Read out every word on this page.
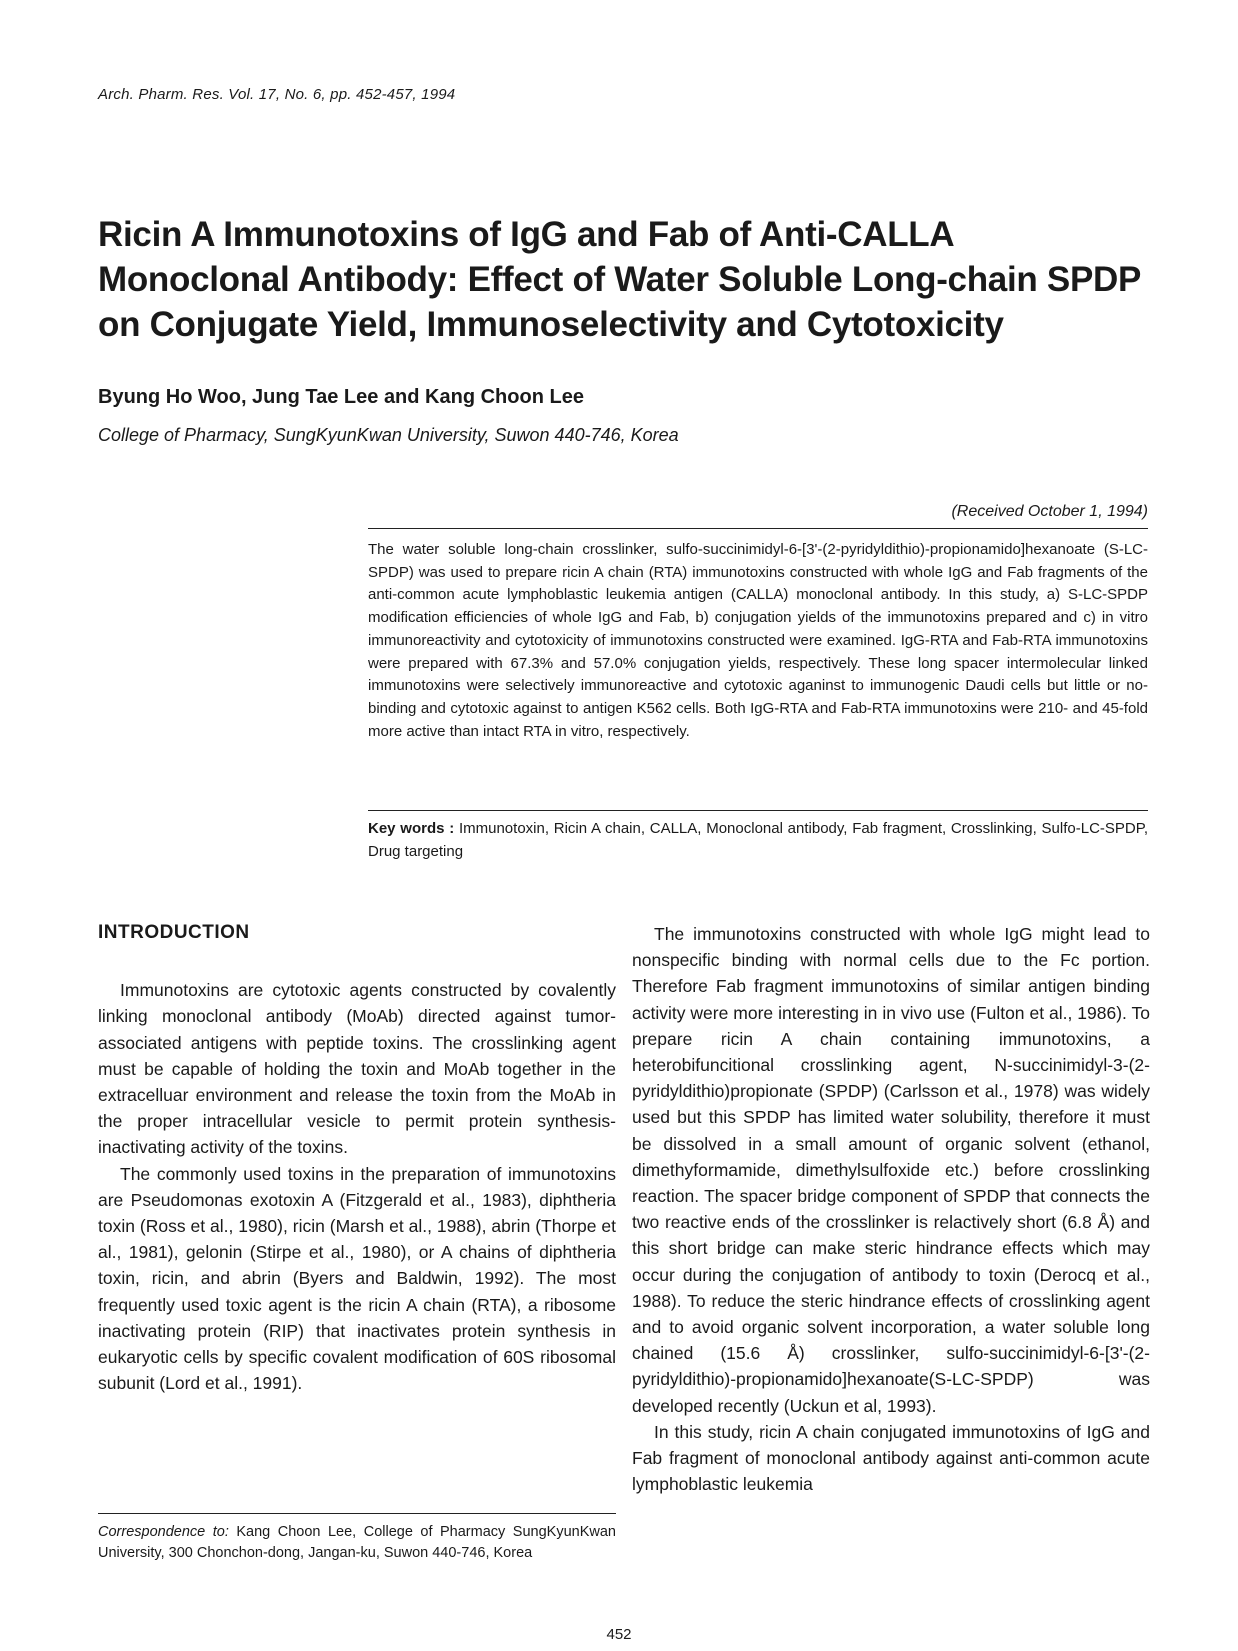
Arch. Pharm. Res. Vol. 17, No. 6, pp. 452-457, 1994
Ricin A Immunotoxins of IgG and Fab of Anti-CALLA Monoclonal Antibody: Effect of Water Soluble Long-chain SPDP on Conjugate Yield, Immunoselectivity and Cytotoxicity
Byung Ho Woo, Jung Tae Lee and Kang Choon Lee
College of Pharmacy, SungKyunKwan University, Suwon 440-746, Korea
(Received October 1, 1994)

The water soluble long-chain crosslinker, sulfo-succinimidyl-6-[3'-(2-pyridyldithio)-propionamido]hexanoate (S-LC-SPDP) was used to prepare ricin A chain (RTA) immunotoxins constructed with whole IgG and Fab fragments of the anti-common acute lymphoblastic leukemia antigen (CALLA) monoclonal antibody. In this study, a) S-LC-SPDP modification efficiencies of whole IgG and Fab, b) conjugation yields of the immunotoxins prepared and c) in vitro immunoreactivity and cytotoxicity of immunotoxins constructed were examined. IgG-RTA and Fab-RTA immunotoxins were prepared with 67.3% and 57.0% conjugation yields, respectively. These long spacer intermolecular linked immunotoxins were selectively immunoreactive and cytotoxic aganinst to immunogenic Daudi cells but little or no-binding and cytotoxic against to antigen K562 cells. Both IgG-RTA and Fab-RTA immunotoxins were 210- and 45-fold more active than intact RTA in vitro, respectively.

Key words : Immunotoxin, Ricin A chain, CALLA, Monoclonal antibody, Fab fragment, Crosslinking, Sulfo-LC-SPDP, Drug targeting

INTRODUCTION

Immunotoxins are cytotoxic agents constructed by covalently linking monoclonal antibody (MoAb) directed against tumor-associated antigens with peptide toxins. The crosslinking agent must be capable of holding the toxin and MoAb together in the extracelluar environment and release the toxin from the MoAb in the proper intracellular vesicle to permit protein synthesis-inactivating activity of the toxins.

The commonly used toxins in the preparation of immunotoxins are Pseudomonas exotoxin A (Fitzgerald et al., 1983), diphtheria toxin (Ross et al., 1980), ricin (Marsh et al., 1988), abrin (Thorpe et al., 1981), gelonin (Stirpe et al., 1980), or A chains of diphtheria toxin, ricin, and abrin (Byers and Baldwin, 1992). The most frequently used toxic agent is the ricin A chain (RTA), a ribosome inactivating protein (RIP) that inactivates protein synthesis in eukaryotic cells by specific covalent modification of 60S ribosomal subunit (Lord et al., 1991).

The immunotoxins constructed with whole IgG might lead to nonspecific binding with normal cells due to the Fc portion. Therefore Fab fragment immunotoxins of similar antigen binding activity were more interesting in in vivo use (Fulton et al., 1986). To prepare ricin A chain containing immunotoxins, a heterobifuncitional crosslinking agent, N-succinimidyl-3-(2-pyridyldithio)propionate (SPDP) (Carlsson et al., 1978) was widely used but this SPDP has limited water solubility, therefore it must be dissolved in a small amount of organic solvent (ethanol, dimethyformamide, dimethylsulfoxide etc.) before crosslinking reaction. The spacer bridge component of SPDP that connects the two reactive ends of the crosslinker is relactively short (6.8 Å) and this short bridge can make steric hindrance effects which may occur during the conjugation of antibody to toxin (Derocq et al., 1988). To reduce the steric hindrance effects of crosslinking agent and to avoid organic solvent incorporation, a water soluble long chained (15.6 Å) crosslinker, sulfo-succinimidyl-6-[3'-(2-pyridyldithio)-propionamido]hexanoate(S-LC-SPDP) was developed recently (Uckun et al, 1993).

In this study, ricin A chain conjugated immunotoxins of IgG and Fab fragment of monoclonal antibody against anti-common acute lymphoblastic leukemia

Correspondence to: Kang Choon Lee, College of Pharmacy SungKyunKwan University, 300 Chonchon-dong, Jangan-ku, Suwon 440-746, Korea

452
